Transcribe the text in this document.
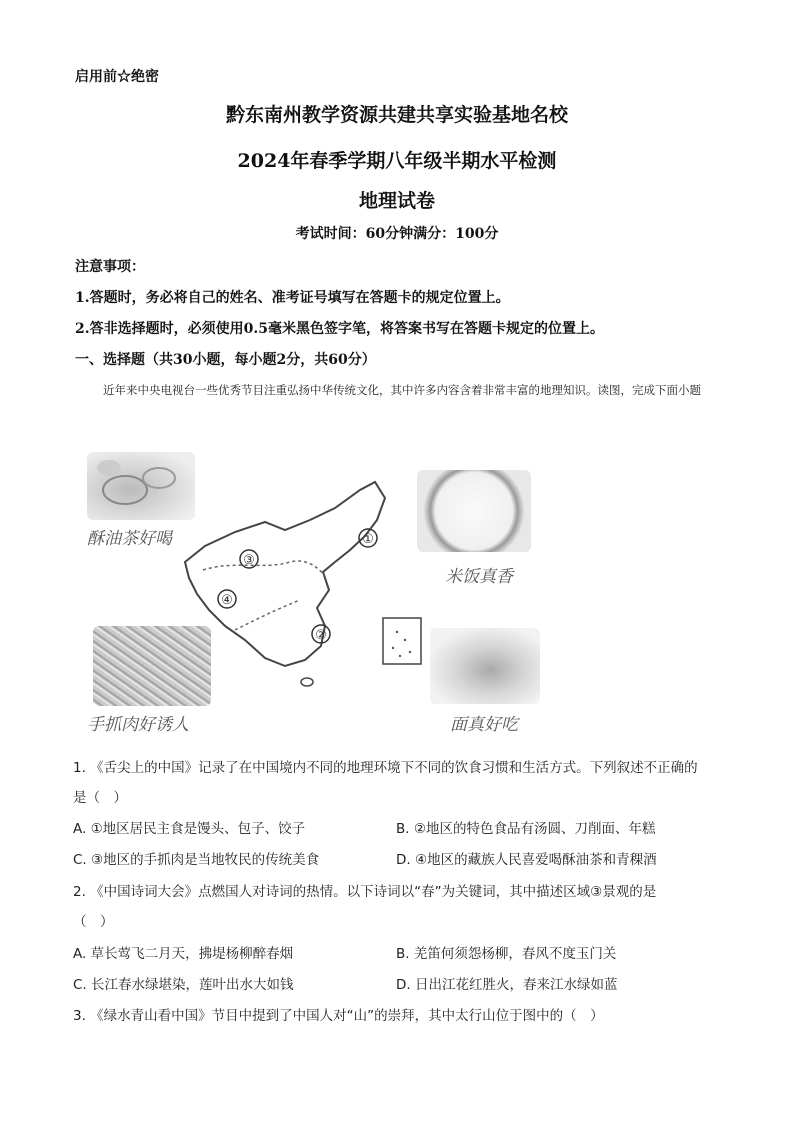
启用前☆绝密
黔东南州教学资源共建共享实验基地名校
2024年春季学期八年级半期水平检测
地理试卷
考试时间：60分钟满分：100分
注意事项：
1.答题时，务必将自己的姓名、准考证号填写在答题卡的规定位置上。
2.答非选择题时，必须使用0.5毫米黑色签字笔，将答案书写在答题卡规定的位置上。
一、选择题（共30小题，每小题2分，共60分）
近年来中央电视台一些优秀节目注重弘扬中华传统文化，其中许多内容含着非常丰富的地理知识。读图，完成下面小题
酥油茶好喝
米饭真香
手抓肉好诱人	面真好吃
①
②
③
④
1. 《舌尖上的中国》记录了在中国境内不同的地理环境下不同的饮食习惯和生活方式。下列叙述不正确的
是（　）
A. ①地区居民主食是馒头、包子、饺子	B. ②地区的特色食品有汤圆、刀削面、年糕
C. ③地区的手抓肉是当地牧民的传统美食	D. ④地区的藏族人民喜爱喝酥油茶和青稞酒
2. 《中国诗词大会》点燃国人对诗词的热情。以下诗词以“春”为关键词，其中描述区域③景观的是
（　）
A. 草长莺飞二月天，拂堤杨柳醉春烟	B. 羌笛何须怨杨柳，春风不度玉门关
C. 长江春水绿堪染，莲叶出水大如钱	D. 日出江花红胜火，春来江水绿如蓝
3. 《绿水青山看中国》节目中提到了中国人对“山”的崇拜，其中太行山位于图中的（　）
